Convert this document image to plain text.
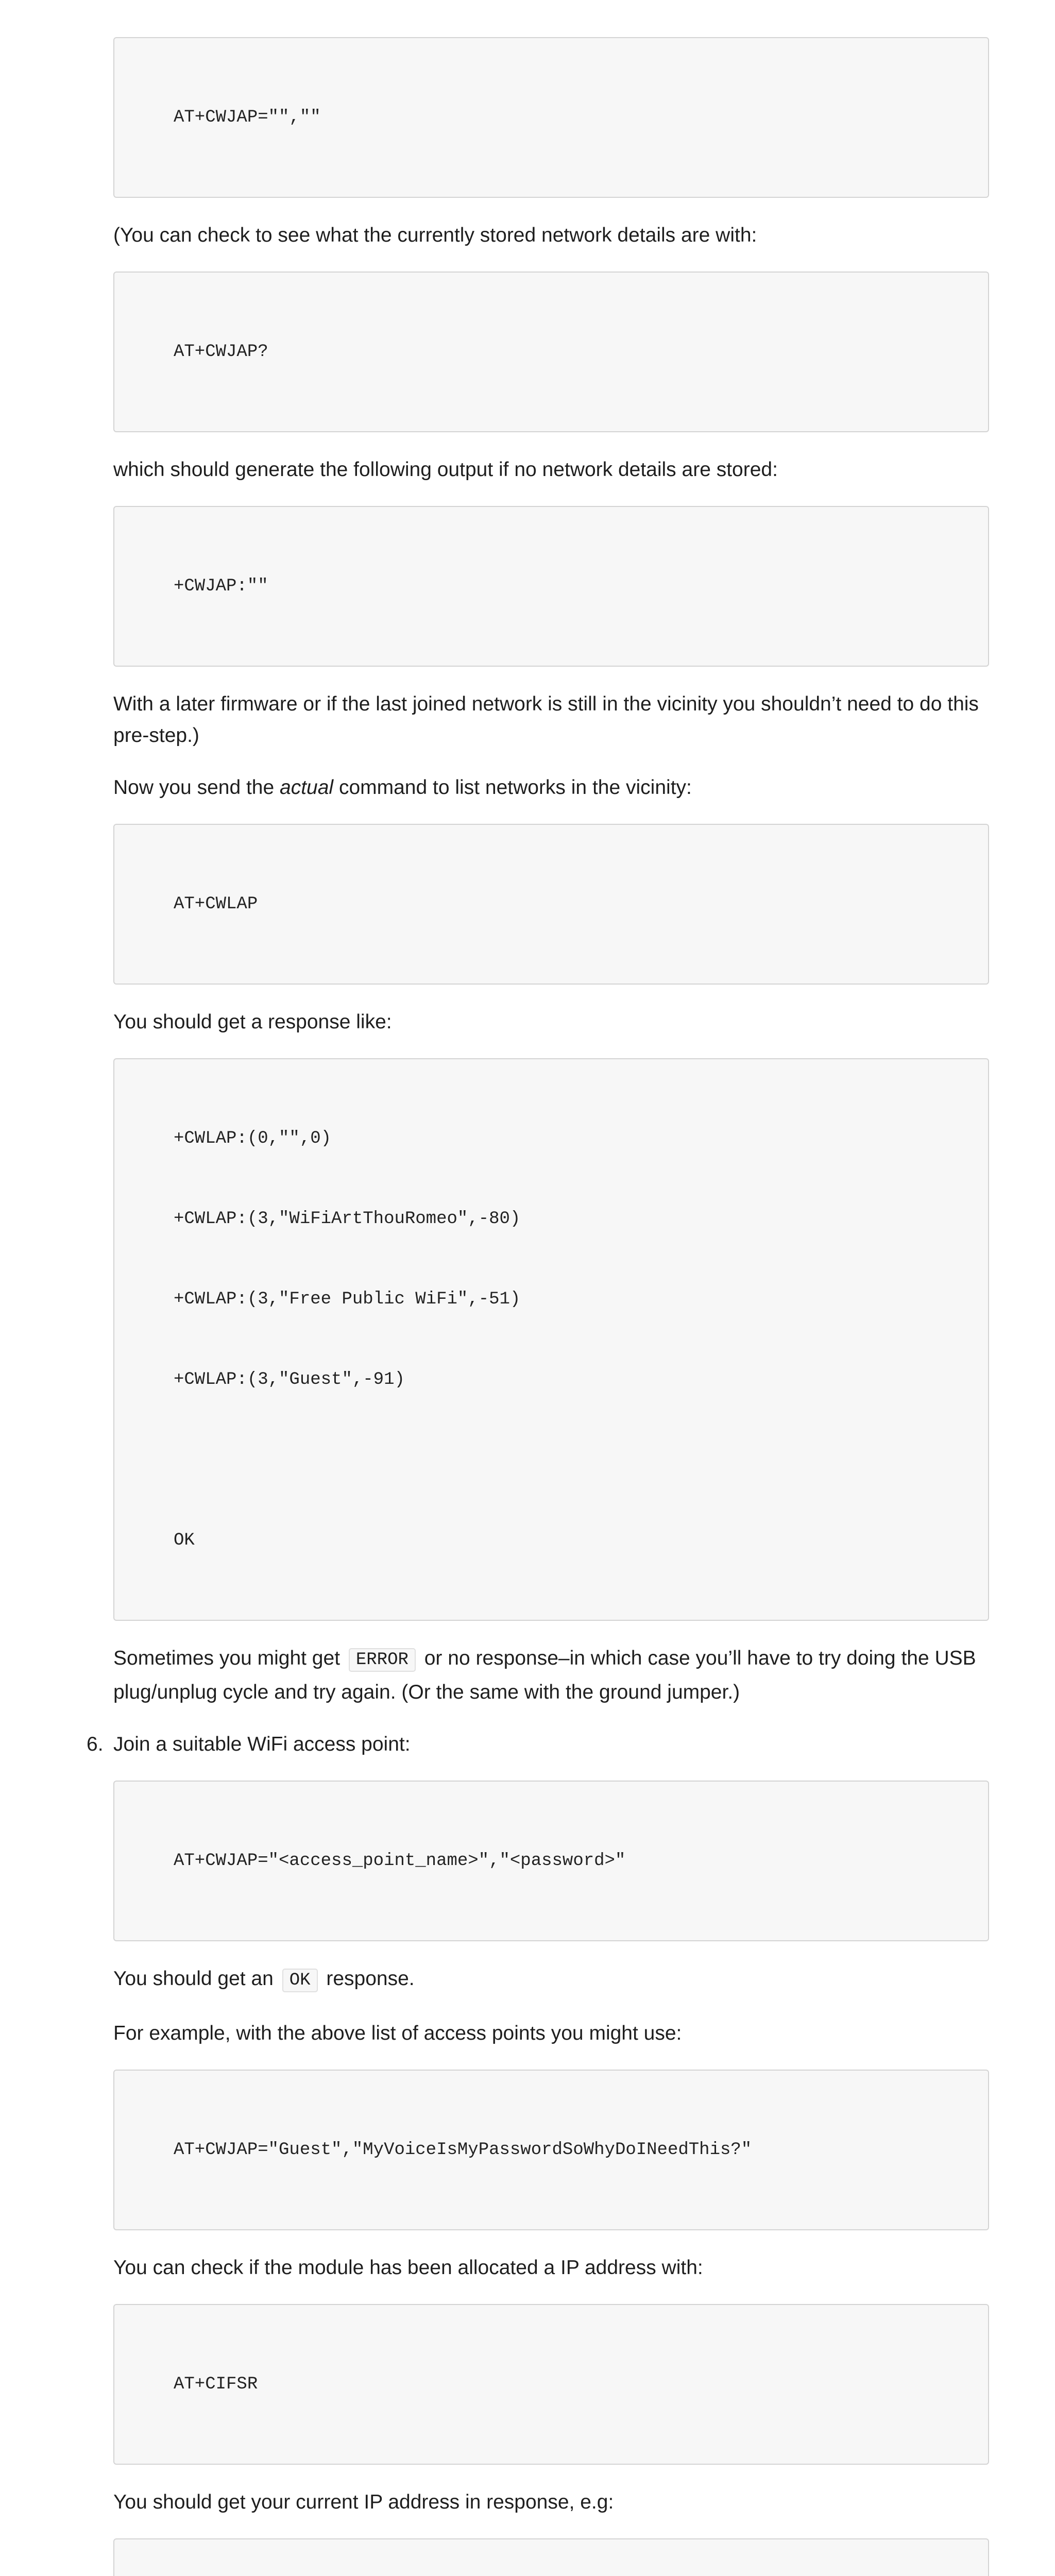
AT+CWJAP="",""

(You can check to see what the currently stored network details are with:

AT+CWJAP?

which should generate the following output if no network details are stored:

+CWJAP:""

With a later firmware or if the last joined network is still in the vicinity you shouldn’t need to do this pre-step.)

Now you send the actual command to list networks in the vicinity:

AT+CWLAP

You should get a response like:

+CWLAP:(0,"",0)

+CWLAP:(3,"WiFiArtThouRomeo",-80)

+CWLAP:(3,"Free Public WiFi",-51)

+CWLAP:(3,"Guest",-91)

OK

Sometimes you might get ERROR or no response–in which case you’ll have to try doing the USB plug/unplug cycle and try again. (Or the same with the ground jumper.)

6. Join a suitable WiFi access point:

AT+CWJAP="<access_point_name>","<password>"

You should get an OK response.

For example, with the above list of access points you might use:

AT+CWJAP="Guest","MyVoiceIsMyPasswordSoWhyDoINeedThis?"

You can check if the module has been allocated a IP address with:

AT+CIFSR

You should get your current IP address in response, e.g:
